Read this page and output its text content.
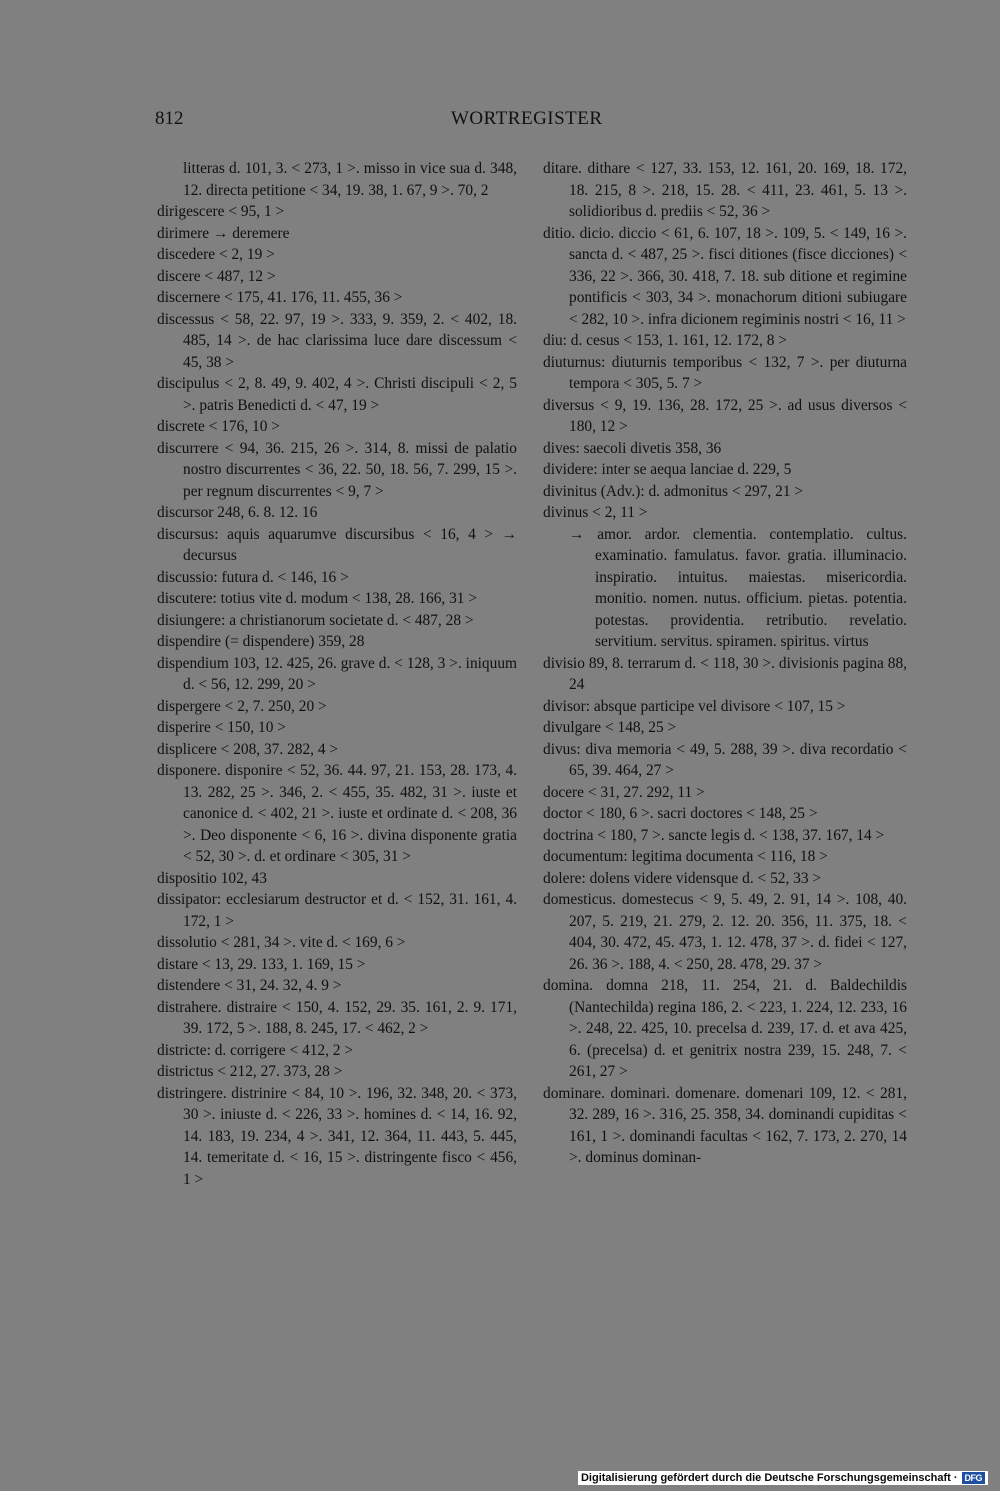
812	WORTREGISTER
litteras d. 101, 3. < 273, 1 >. misso in vice sua d. 348, 12. directa petitione < 34, 19. 38, 1. 67, 9 >. 70, 2
dirigescere < 95, 1 >
dirimere → deremere
discedere < 2, 19 >
discere < 487, 12 >
discernere < 175, 41. 176, 11. 455, 36 >
discessus < 58, 22. 97, 19 >. 333, 9. 359, 2. < 402, 18. 485, 14 >. de hac clarissima luce dare discessum < 45, 38 >
discipulus < 2, 8. 49, 9. 402, 4 >. Christi discipuli < 2, 5 >. patris Benedicti d. < 47, 19 >
discrete < 176, 10 >
discurrere < 94, 36. 215, 26 >. 314, 8. missi de palatio nostro discurrentes < 36, 22. 50, 18. 56, 7. 299, 15 >. per regnum discurrentes < 9, 7 >
discursor 248, 6. 8. 12. 16
discursus: aquis aquarumve discursibus < 16, 4 > → decursus
discussio: futura d. < 146, 16 >
discutere: totius vite d. modum < 138, 28. 166, 31 >
disiungere: a christianorum societate d. < 487, 28 >
dispendire (= dispendere) 359, 28
dispendium 103, 12. 425, 26. grave d. < 128, 3 >. iniquum d. < 56, 12. 299, 20 >
dispergere < 2, 7. 250, 20 >
disperire < 150, 10 >
displicere < 208, 37. 282, 4 >
disponere. disponire < 52, 36. 44. 97, 21. 153, 28. 173, 4. 13. 282, 25 >. 346, 2. < 455, 35. 482, 31 >. iuste et canonice d. < 402, 21 >. iuste et ordinate d. < 208, 36 >. Deo disponente < 6, 16 >. divina disponente gratia < 52, 30 >. d. et ordinare < 305, 31 >
dispositio 102, 43
dissipator: ecclesiarum destructor et d. < 152, 31. 161, 4. 172, 1 >
dissolutio < 281, 34 >. vite d. < 169, 6 >
distare < 13, 29. 133, 1. 169, 15 >
distendere < 31, 24. 32, 4. 9 >
distrahere. distraire < 150, 4. 152, 29. 35. 161, 2. 9. 171, 39. 172, 5 >. 188, 8. 245, 17. < 462, 2 >
districte: d. corrigere < 412, 2 >
districtus < 212, 27. 373, 28 >
distringere. distrinire < 84, 10 >. 196, 32. 348, 20. < 373, 30 >. iniuste d. < 226, 33 >. homines d. < 14, 16. 92, 14. 183, 19. 234, 4 >. 341, 12. 364, 11. 443, 5. 445, 14. temeritate d. < 16, 15 >. distringente fisco < 456, 1 >
ditare. dithare < 127, 33. 153, 12. 161, 20. 169, 18. 172, 18. 215, 8 >. 218, 15. 28. < 411, 23. 461, 5. 13 >. solidioribus d. prediis < 52, 36 >
ditio. dicio. diccio < 61, 6. 107, 18 >. 109, 5. < 149, 16 >. sancta d. < 487, 25 >. fisci ditiones (fisce dicciones) < 336, 22 >. 366, 30. 418, 7. 18. sub ditione et regimine pontificis < 303, 34 >. monachorum ditioni subiugare < 282, 10 >. infra dicionem regiminis nostri < 16, 11 >
diu: d. cesus < 153, 1. 161, 12. 172, 8 >
diuturnus: diuturnis temporibus < 132, 7 >. per diuturna tempora < 305, 5. 7 >
diversus < 9, 19. 136, 28. 172, 25 >. ad usus diversos < 180, 12 >
dives: saecoli divetis 358, 36
dividere: inter se aequa lanciae d. 229, 5
divinitus (Adv.): d. admonitus < 297, 21 >
divinus < 2, 11 >
→ amor. ardor. clementia. contemplatio. cultus. examinatio. famulatus. favor. gratia. illuminacio. inspiratio. intuitus. maiestas. misericordia. monitio. nomen. nutus. officium. pietas. potentia. potestas. providentia. retributio. revelatio. servitium. servitus. spiramen. spiritus. virtus
divisio 89, 8. terrarum d. < 118, 30 >. divisionis pagina 88, 24
divisor: absque participe vel divisore < 107, 15 >
divulgare < 148, 25 >
divus: diva memoria < 49, 5. 288, 39 >. diva recordatio < 65, 39. 464, 27 >
docere < 31, 27. 292, 11 >
doctor < 180, 6 >. sacri doctores < 148, 25 >
doctrina < 180, 7 >. sancte legis d. < 138, 37. 167, 14 >
documentum: legitima documenta < 116, 18 >
dolere: dolens videre vidensque d. < 52, 33 >
domesticus. domestecus < 9, 5. 49, 2. 91, 14 >. 108, 40. 207, 5. 219, 21. 279, 2. 12. 20. 356, 11. 375, 18. < 404, 30. 472, 45. 473, 1. 12. 478, 37 >. d. fidei < 127, 26. 36 >. 188, 4. < 250, 28. 478, 29. 37 >
domina. domna 218, 11. 254, 21. d. Baldechildis (Nantechilda) regina 186, 2. < 223, 1. 224, 12. 233, 16 >. 248, 22. 425, 10. precelsa d. 239, 17. d. et ava 425, 6. (precelsa) d. et genitrix nostra 239, 15. 248, 7. < 261, 27 >
dominare. dominari. domenare. domenari 109, 12. < 281, 32. 289, 16 >. 316, 25. 358, 34. dominandi cupiditas < 161, 1 >. dominandi facultas < 162, 7. 173, 2. 270, 14 >. dominus dominan-
Digitalisierung gefördert durch die Deutsche Forschungsgemeinschaft · DFG
